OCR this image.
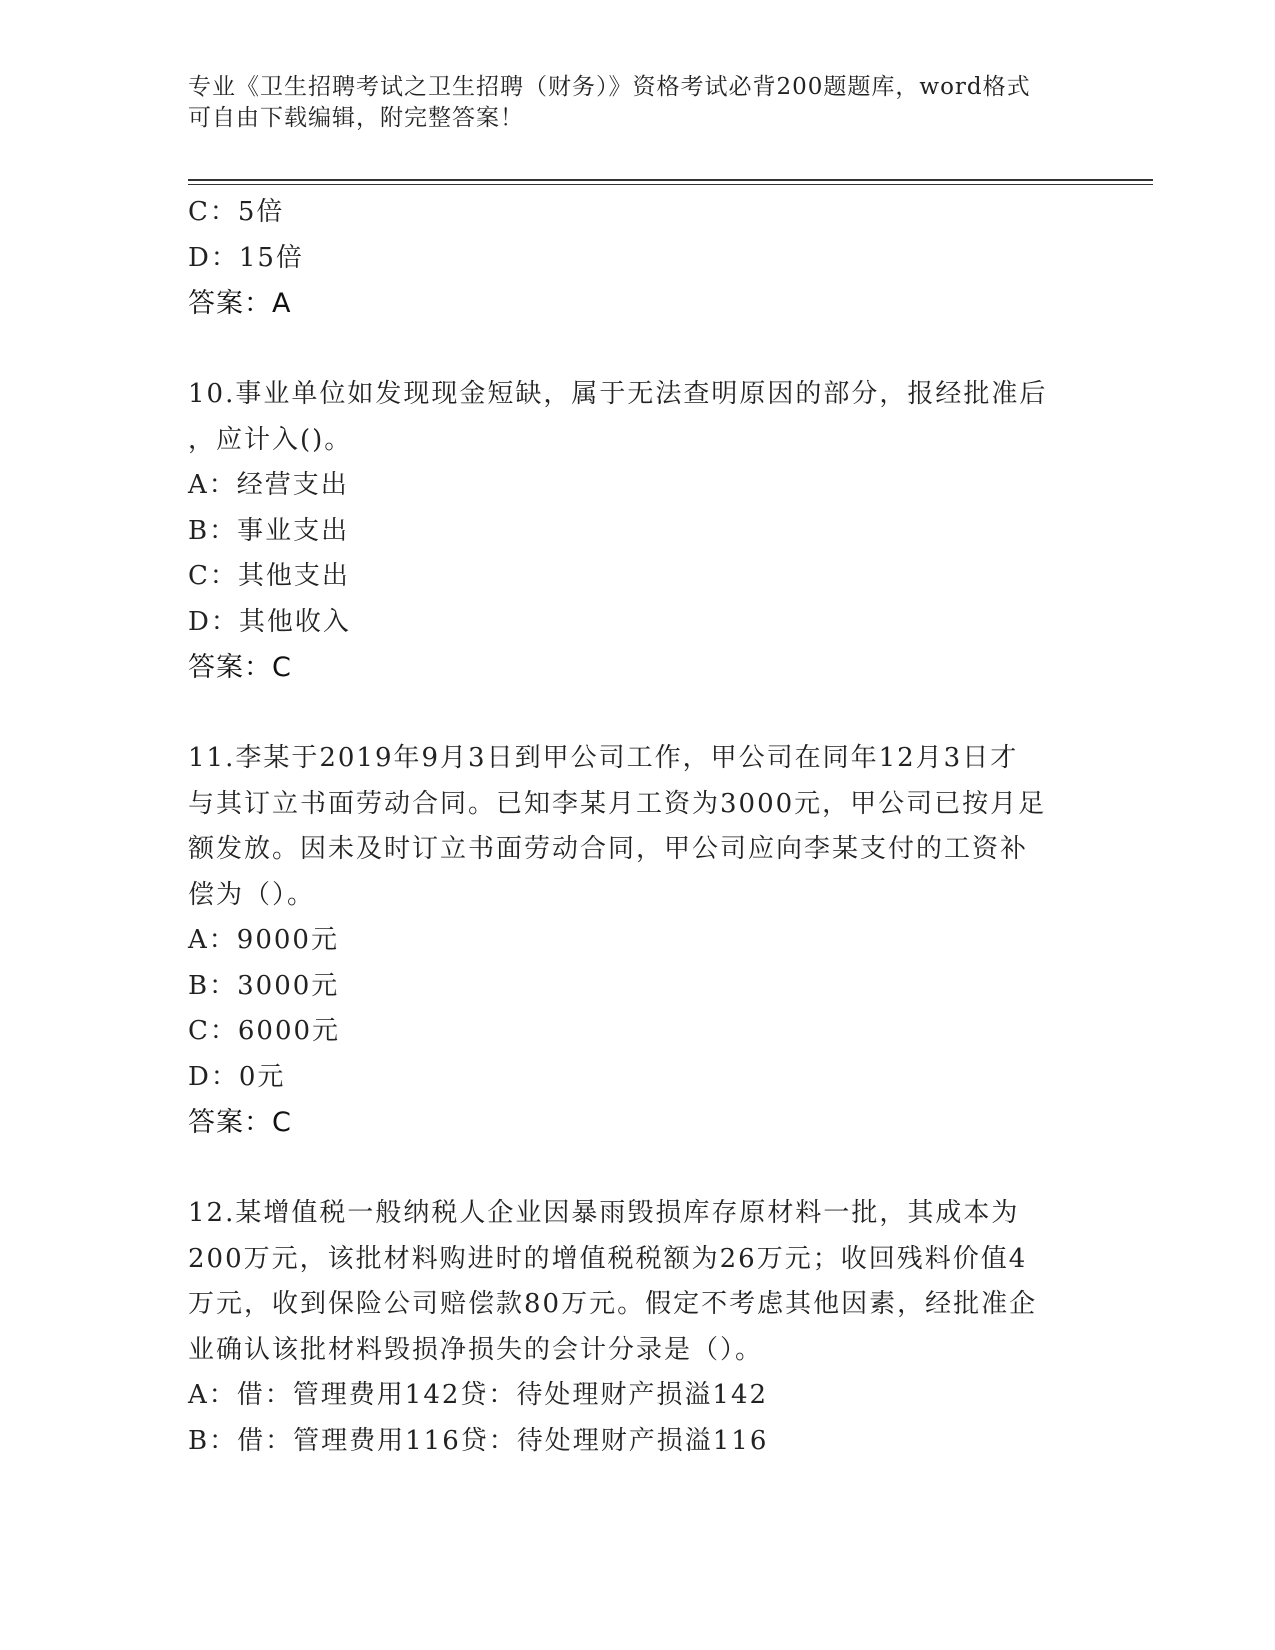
专业《卫生招聘考试之卫生招聘（财务）》资格考试必背200题题库，word格式
可自由下载编辑，附完整答案！
C：5倍
D：15倍
答案：A
10.事业单位如发现现金短缺，属于无法查明原因的部分，报经批准后
，应计入()。
A：经营支出
B：事业支出
C：其他支出
D：其他收入
答案：C
11.李某于2019年9月3日到甲公司工作，甲公司在同年12月3日才
与其订立书面劳动合同。已知李某月工资为3000元，甲公司已按月足
额发放。因未及时订立书面劳动合同，甲公司应向李某支付的工资补
偿为（）。
A：9000元
B：3000元
C：6000元
D：0元
答案：C
12.某增值税一般纳税人企业因暴雨毁损库存原材料一批，其成本为
200万元，该批材料购进时的增值税税额为26万元；收回残料价值4
万元，收到保险公司赔偿款80万元。假定不考虑其他因素，经批准企
业确认该批材料毁损净损失的会计分录是（）。
A：借：管理费用142贷：待处理财产损溢142
B：借：管理费用116贷：待处理财产损溢116
